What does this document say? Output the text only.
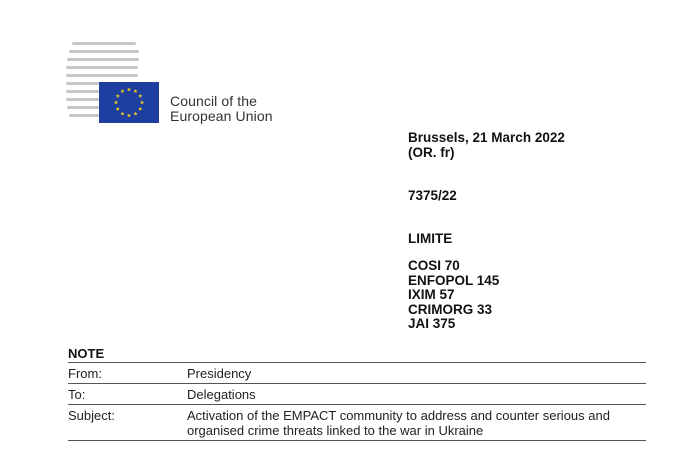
Council of the
European Union
Brussels, 21 March 2022
(OR. fr)
7375/22
LIMITE
COSI 70
ENFOPOL 145
IXIM 57
CRIMORG 33
JAI 375
NOTE
From:	Presidency
To:	Delegations
Subject:	Activation of the EMPACT community to address and counter serious and organised crime threats linked to the war in Ukraine
